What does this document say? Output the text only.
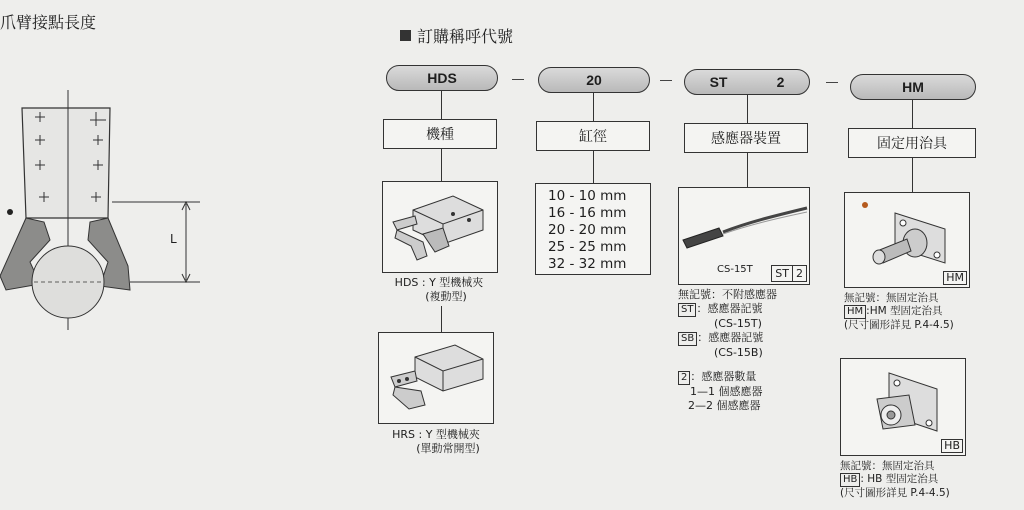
爪臂接點長度
L
訂購稱呼代號
HDS	20	ST	2	HM
機種	缸徑	感應器裝置	固定用治具
HDS : Y 型機械夾
(複動型)
HRS : Y 型機械夾
(單動常開型)
10 - 10 mm
16 - 16 mm
20 - 20 mm
25 - 25 mm
32 - 32 mm	CS-15T ST 2
無記號：不附感應器
ST ：感應器記號
(CS-15T)
SB ：感應器記號
(CS-15B)
2 ：感應器數量
1—1 個感應器
2—2 個感應器
HM
無記號：無固定治具
HM :HM 型固定治具
(尺寸圖形詳見 P.4-4.5)
HB
無記號：無固定治具
HB : HB 型固定治具
(尺寸圖形詳見 P.4-4.5)
